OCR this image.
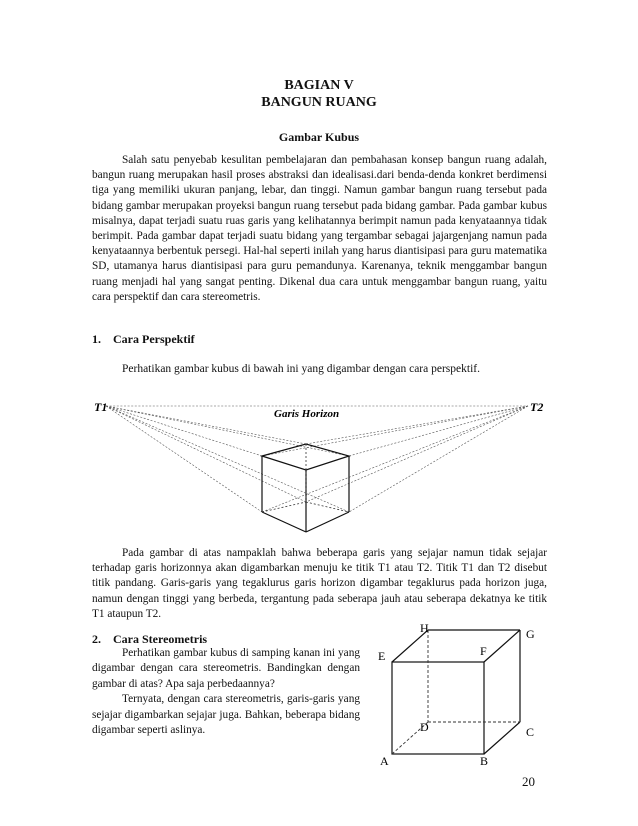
BAGIAN V
BANGUN RUANG
Gambar Kubus
Salah satu penyebab kesulitan pembelajaran dan pembahasan konsep bangun ruang adalah, bangun ruang merupakan hasil proses abstraksi dan idealisasi.dari benda-denda konkret berdimensi tiga yang memiliki ukuran panjang, lebar, dan tinggi. Namun gambar bangun ruang tersebut pada bidang gambar merupakan proyeksi bangun ruang tersebut pada bidang gambar. Pada gambar kubus misalnya, dapat terjadi suatu ruas garis yang kelihatannya berimpit namun pada kenyataannya tidak berimpit. Pada gambar dapat terjadi suatu bidang yang tergambar sebagai jajargenjang namun pada kenyataannya berbentuk persegi. Hal-hal seperti inilah yang harus diantisipasi para guru matematika SD, utamanya harus diantisipasi para guru pemandunya. Karenanya, teknik menggambar bangun ruang menjadi hal yang sangat penting. Dikenal dua cara untuk menggambar bangun ruang, yaitu cara perspektif dan cara stereometris.
1.    Cara Perspektif
Perhatikan gambar kubus di bawah ini yang digambar dengan cara perspektif.
T1	T2
Garis Horizon
Pada gambar di atas nampaklah bahwa beberapa garis yang sejajar namun tidak sejajar terhadap garis horizonnya akan digambarkan menuju ke titik T1 atau T2. Titik T1 dan T2 disebut titik pandang. Garis-garis yang tegaklurus garis horizon digambar tegaklurus pada horizon juga, namun dengan tinggi yang berbeda, tergantung pada seberapa jauh atau seberapa dekatnya ke titik T1 ataupun T2.
2.    Cara Stereometris

Perhatikan gambar kubus di samping kanan ini yang digambar dengan cara stereometris. Bandingkan dengan gambar di atas? Apa saja perbedaannya?

Ternyata, dengan cara stereometris, garis-garis yang sejajar digambarkan sejajar juga. Bahkan, beberapa bidang digambar seperti aslinya.

A	B
C
D
E	F
G
H
20
